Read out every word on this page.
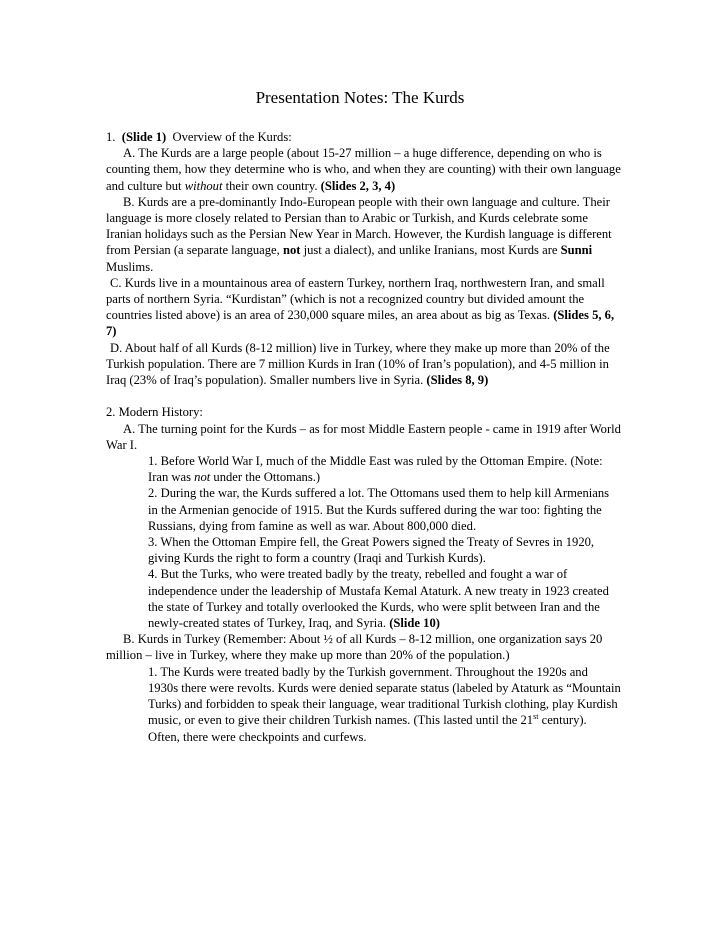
Presentation Notes: The Kurds

1. (Slide 1) Overview of the Kurds:

A. The Kurds are a large people (about 15-27 million – a huge difference, depending on who is counting them, how they determine who is who, and when they are counting) with their own language and culture but without their own country. (Slides 2, 3, 4)

B. Kurds are a pre-dominantly Indo-European people with their own language and culture. Their language is more closely related to Persian than to Arabic or Turkish, and Kurds celebrate some Iranian holidays such as the Persian New Year in March. However, the Kurdish language is different from Persian (a separate language, not just a dialect), and unlike Iranians, most Kurds are Sunni Muslims.

C. Kurds live in a mountainous area of eastern Turkey, northern Iraq, northwestern Iran, and small parts of northern Syria. “Kurdistan” (which is not a recognized country but divided amount the countries listed above) is an area of 230,000 square miles, an area about as big as Texas. (Slides 5, 6, 7)

D. About half of all Kurds (8-12 million) live in Turkey, where they make up more than 20% of the Turkish population. There are 7 million Kurds in Iran (10% of Iran’s population), and 4-5 million in Iraq (23% of Iraq’s population). Smaller numbers live in Syria. (Slides 8, 9)

2. Modern History:

A. The turning point for the Kurds – as for most Middle Eastern people - came in 1919 after World War I.

1. Before World War I, much of the Middle East was ruled by the Ottoman Empire. (Note: Iran was not under the Ottomans.)

2. During the war, the Kurds suffered a lot. The Ottomans used them to help kill Armenians in the Armenian genocide of 1915. But the Kurds suffered during the war too: fighting the Russians, dying from famine as well as war. About 800,000 died.

3. When the Ottoman Empire fell, the Great Powers signed the Treaty of Sevres in 1920, giving Kurds the right to form a country (Iraqi and Turkish Kurds).

4. But the Turks, who were treated badly by the treaty, rebelled and fought a war of independence under the leadership of Mustafa Kemal Ataturk. A new treaty in 1923 created the state of Turkey and totally overlooked the Kurds, who were split between Iran and the newly-created states of Turkey, Iraq, and Syria. (Slide 10)

B. Kurds in Turkey (Remember: About ½ of all Kurds – 8-12 million, one organization says 20 million – live in Turkey, where they make up more than 20% of the population.)

1. The Kurds were treated badly by the Turkish government. Throughout the 1920s and 1930s there were revolts. Kurds were denied separate status (labeled by Ataturk as “Mountain Turks) and forbidden to speak their language, wear traditional Turkish clothing, play Kurdish music, or even to give their children Turkish names. (This lasted until the 21st century). Often, there were checkpoints and curfews.
